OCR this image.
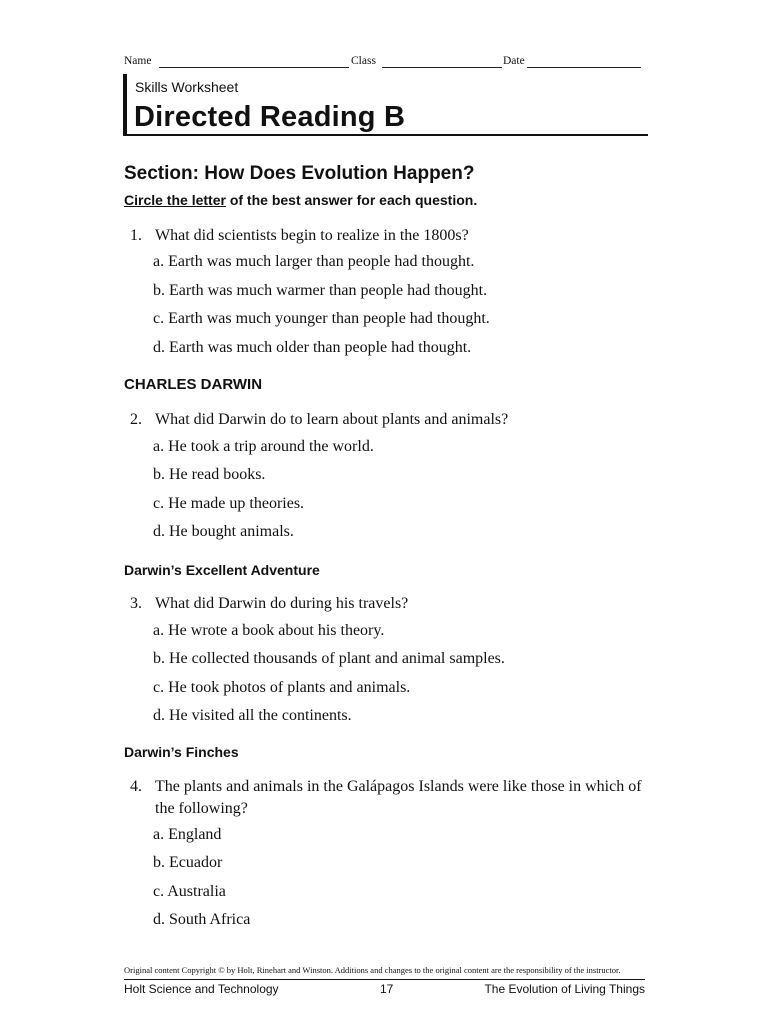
Name	Class	Date
Skills Worksheet
Directed Reading B
Section: How Does Evolution Happen?
Circle the letter of the best answer for each question.
1. What did scientists begin to realize in the 1800s?
a. Earth was much larger than people had thought.
b. Earth was much warmer than people had thought.
c. Earth was much younger than people had thought.
d. Earth was much older than people had thought.
CHARLES DARWIN
2. What did Darwin do to learn about plants and animals?
a. He took a trip around the world.
b. He read books.
c. He made up theories.
d. He bought animals.
Darwin’s Excellent Adventure
3. What did Darwin do during his travels?
a. He wrote a book about his theory.
b. He collected thousands of plant and animal samples.
c. He took photos of plants and animals.
d. He visited all the continents.
Darwin’s Finches
4. The plants and animals in the Galápagos Islands were like those in which of the following?
a. England
b. Ecuador
c. Australia
d. South Africa
Original content Copyright © by Holt, Rinehart and Winston. Additions and changes to the original content are the responsibility of the instructor.
Holt Science and Technology	17	The Evolution of Living Things
